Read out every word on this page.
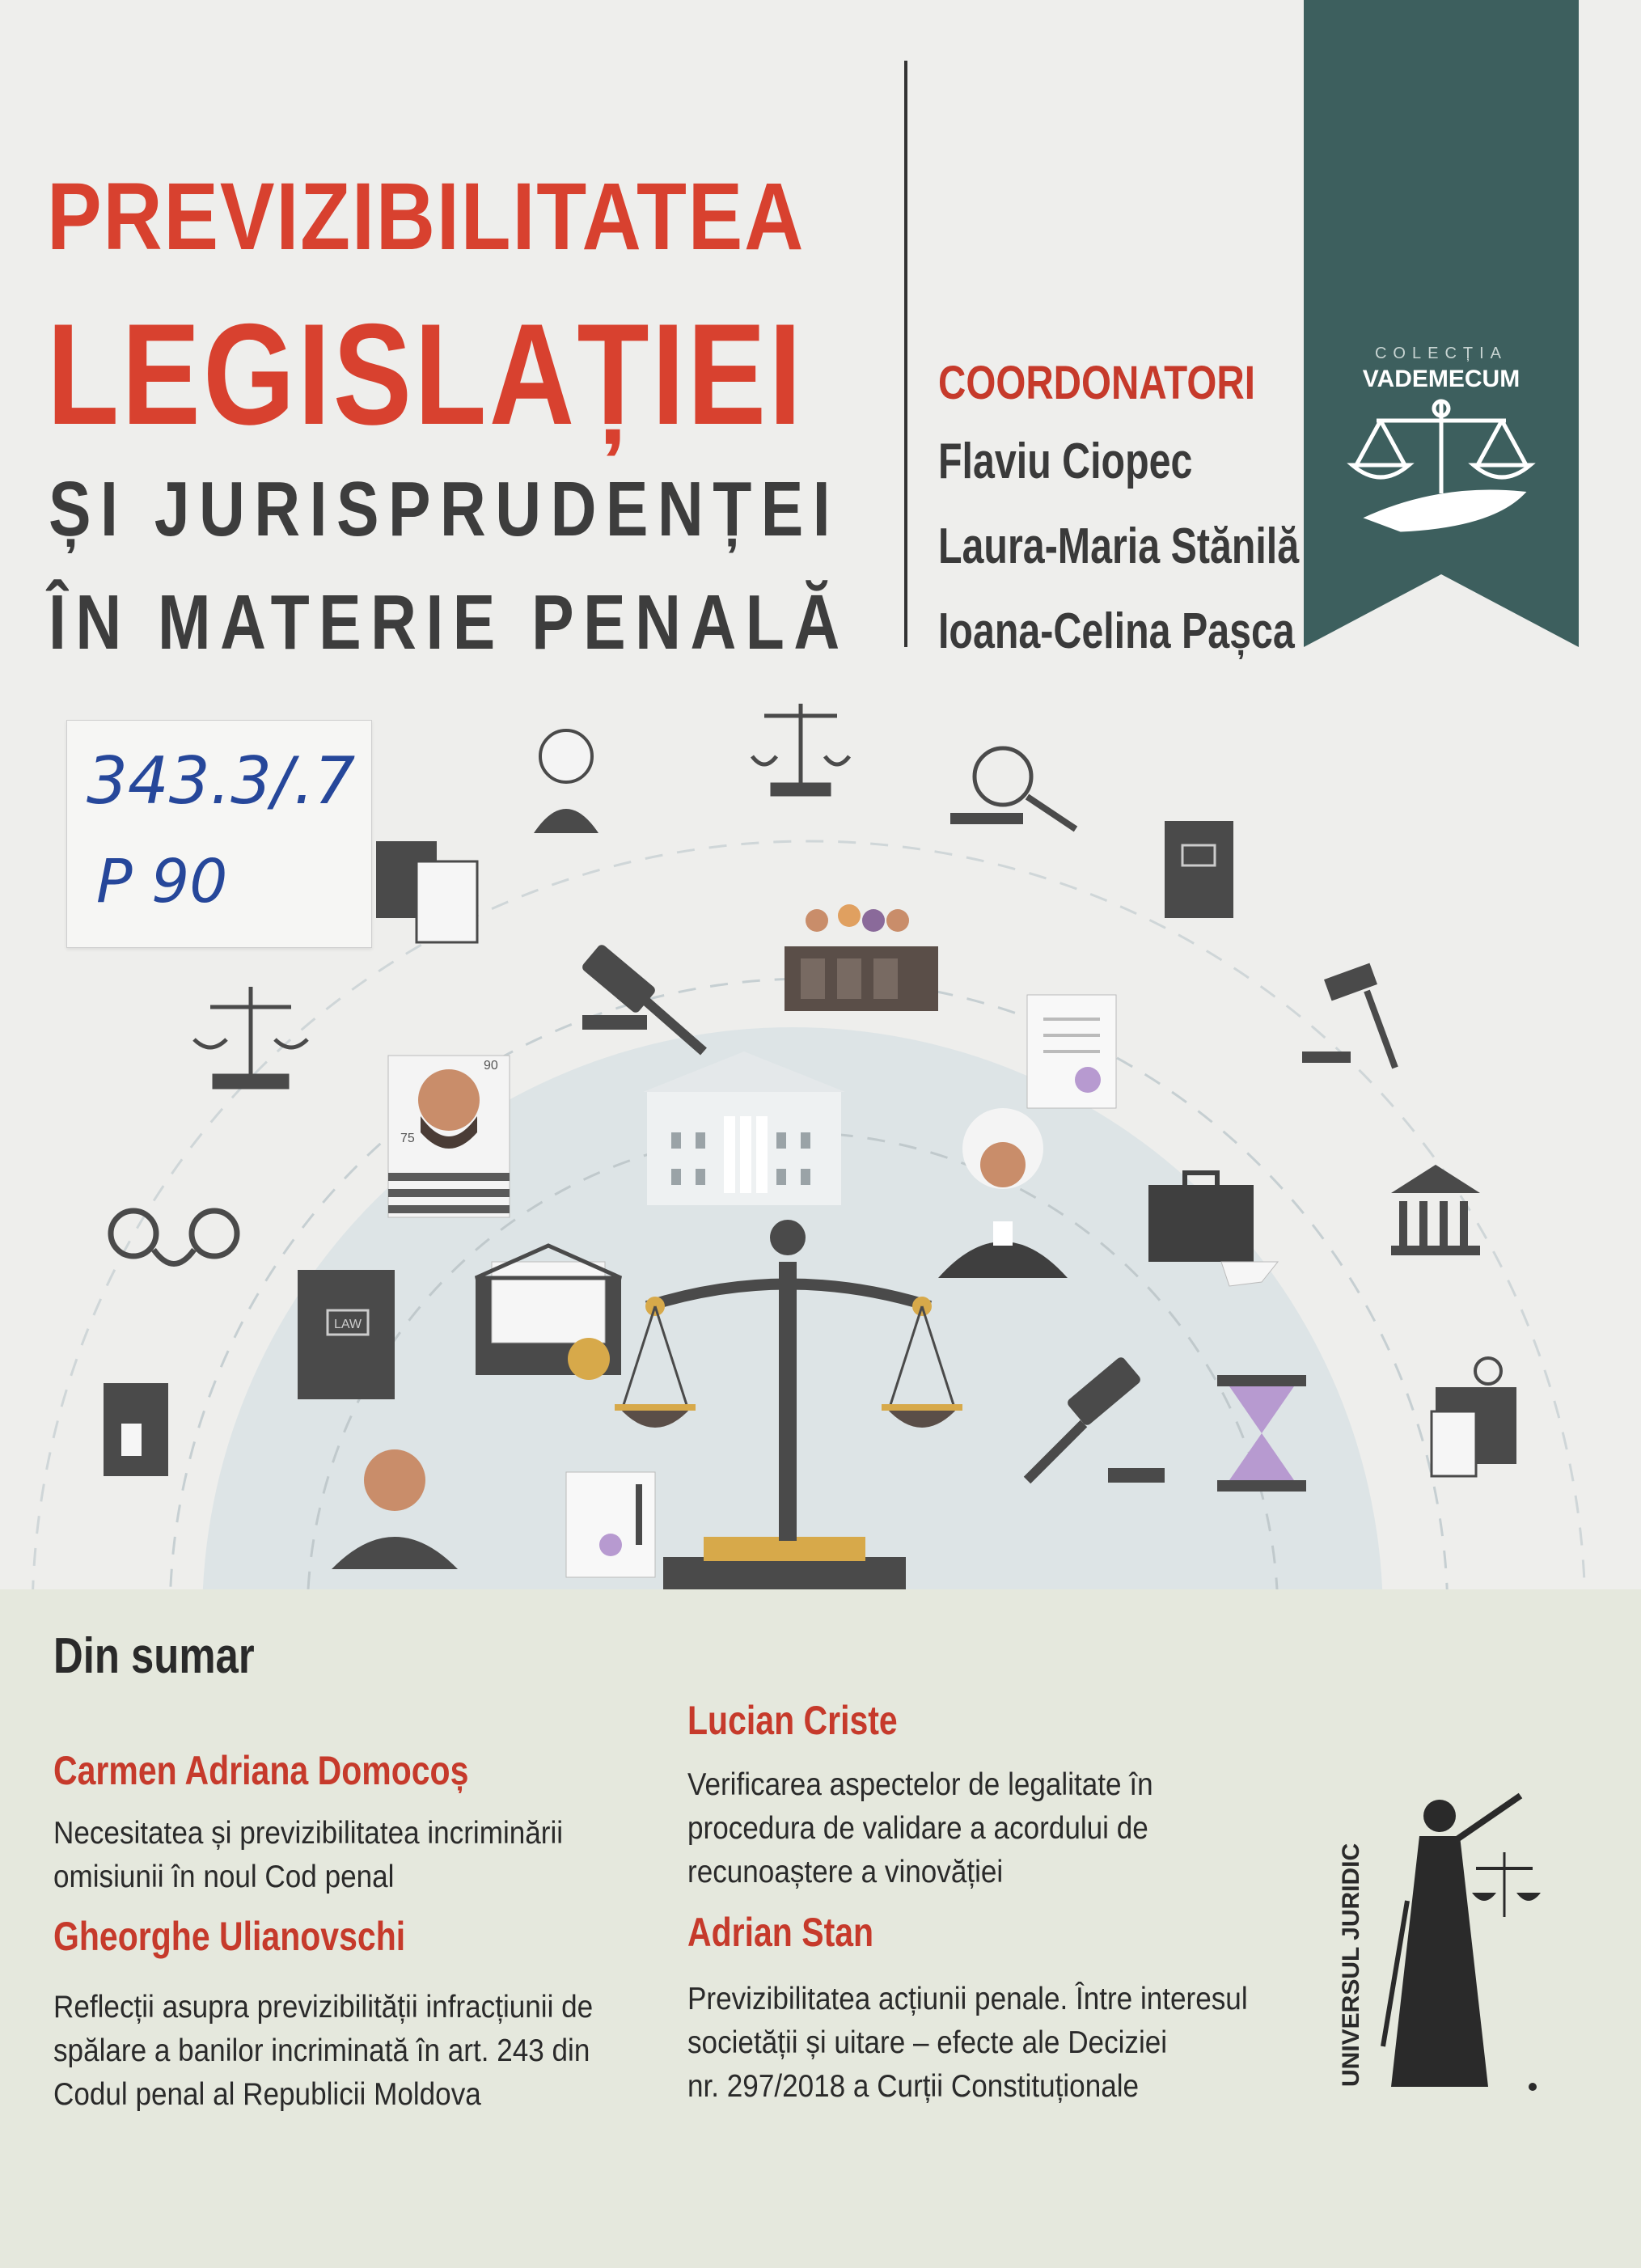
PREVIZIBILITATEA
LEGISLAȚIEI
ȘI JURISPRUDENȚEI
ÎN MATERIE PENALĂ
COORDONATORI
Flaviu Ciopec
Laura-Maria Stănilă
Ioana-Celina Pașca
COLECȚIA
VADEMECUM
90
75
LAW
343.3/.7
P 90
Din sumar
Carmen Adriana Domocoș
Necesitatea și previzibilitatea incriminării
omisiunii în noul Cod penal
Gheorghe Ulianovschi
Reflecții asupra previzibilității infracțiunii de
spălare a banilor incriminată în art. 243 din
Codul penal al Republicii Moldova
Lucian Criste
Verificarea aspectelor de legalitate în
procedura de validare a acordului de
recunoaștere a vinovăției
Adrian Stan
Previzibilitatea acțiunii penale. Între interesul
societății și uitare – efecte ale Deciziei
nr. 297/2018 a Curții Constituționale	UNIVERSUL JURIDIC
